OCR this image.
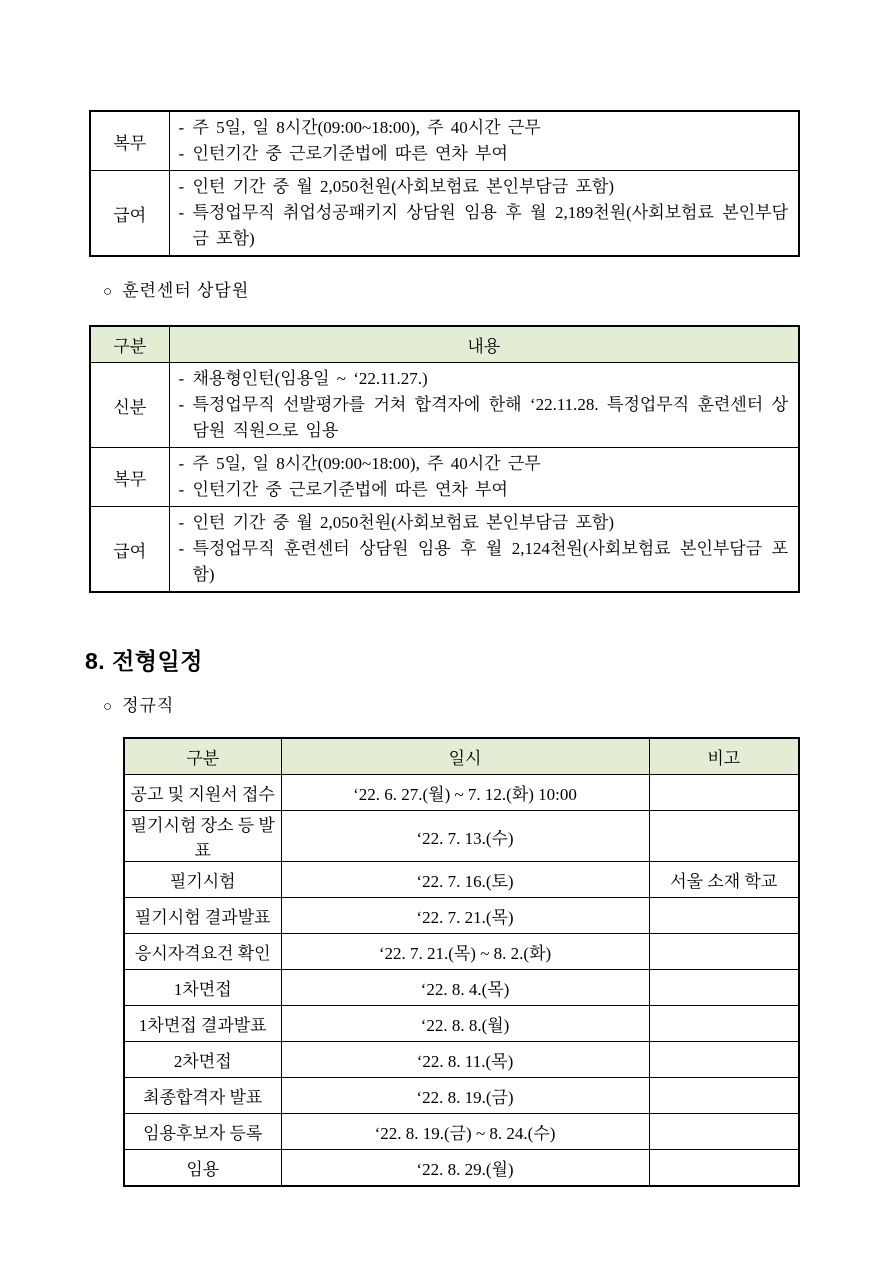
복무	- 주 5일, 일 8시간(09:00~18:00), 주 40시간 근무
- 인턴기간 중 근로기준법에 따른 연차 부여

급여	- 인턴 기간 중 월 2,050천원(사회보험료 본인부담금 포함)
- 특정업무직 취업성공패키지 상담원 임용 후 월 2,189천원(사회보험료 본인부담금 포함)
○ 훈련센터 상담원
구분	내용
신분	- 채용형인턴(임용일 ~ ‘22.11.27.)
- 특정업무직 선발평가를 거쳐 합격자에 한해 ‘22.11.28. 특정업무직 훈련센터 상담원 직원으로 임용

복무	- 주 5일, 일 8시간(09:00~18:00), 주 40시간 근무
- 인턴기간 중 근로기준법에 따른 연차 부여

급여	- 인턴 기간 중 월 2,050천원(사회보험료 본인부담금 포함)
- 특정업무직 훈련센터 상담원 임용 후 월 2,124천원(사회보험료 본인부담금 포함)
8. 전형일정
○ 정규직
구분	일시	비고
공고 및 지원서 접수	‘22. 6. 27.(월) ~ 7. 12.(화) 10:00	
필기시험 장소 등 발표	‘22. 7. 13.(수)	
필기시험	‘22. 7. 16.(토)	서울 소재 학교
필기시험 결과발표	‘22. 7. 21.(목)	
응시자격요건 확인	‘22. 7. 21.(목) ~ 8. 2.(화)	
1차면접	‘22. 8. 4.(목)	
1차면접 결과발표	‘22. 8. 8.(월)	
2차면접	‘22. 8. 11.(목)	
최종합격자 발표	‘22. 8. 19.(금)	
임용후보자 등록	‘22. 8. 19.(금) ~ 8. 24.(수)	
임용	‘22. 8. 29.(월)	
